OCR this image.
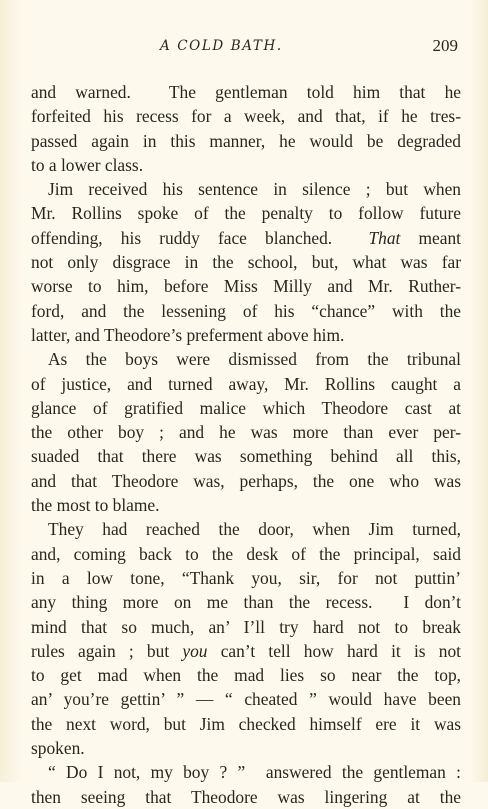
A COLD BATH.	209
and warned.  The gentleman told him that he
forfeited his recess for a week, and that, if he tres-
passed again in this manner, he would be degraded
to a lower class.
Jim received his sentence in silence ; but when
Mr. Rollins spoke of the penalty to follow future
offending, his ruddy face blanched.  That meant
not only disgrace in the school, but, what was far
worse to him, before Miss Milly and Mr. Ruther-
ford, and the lessening of his “chance” with the
latter, and Theodore’s preferment above him.
As the boys were dismissed from the tribunal
of justice, and turned away, Mr. Rollins caught a
glance of gratified malice which Theodore cast at
the other boy ; and he was more than ever per-
suaded that there was something behind all this,
and that Theodore was, perhaps, the one who was
the most to blame.
They had reached the door, when Jim turned,
and, coming back to the desk of the principal, said
in a low tone, “Thank you, sir, for not puttin’
any thing more on me than the recess.  I don’t
mind that so much, an’ I’ll try hard not to break
rules again ; but you can’t tell how hard it is not
to get mad when the mad lies so near the top,
an’ you’re gettin’ ” — “ cheated ” would have been
the next word, but Jim checked himself ere it was
spoken.
“ Do I not, my boy ? ”  answered the gentleman :
then seeing that Theodore was lingering at the
